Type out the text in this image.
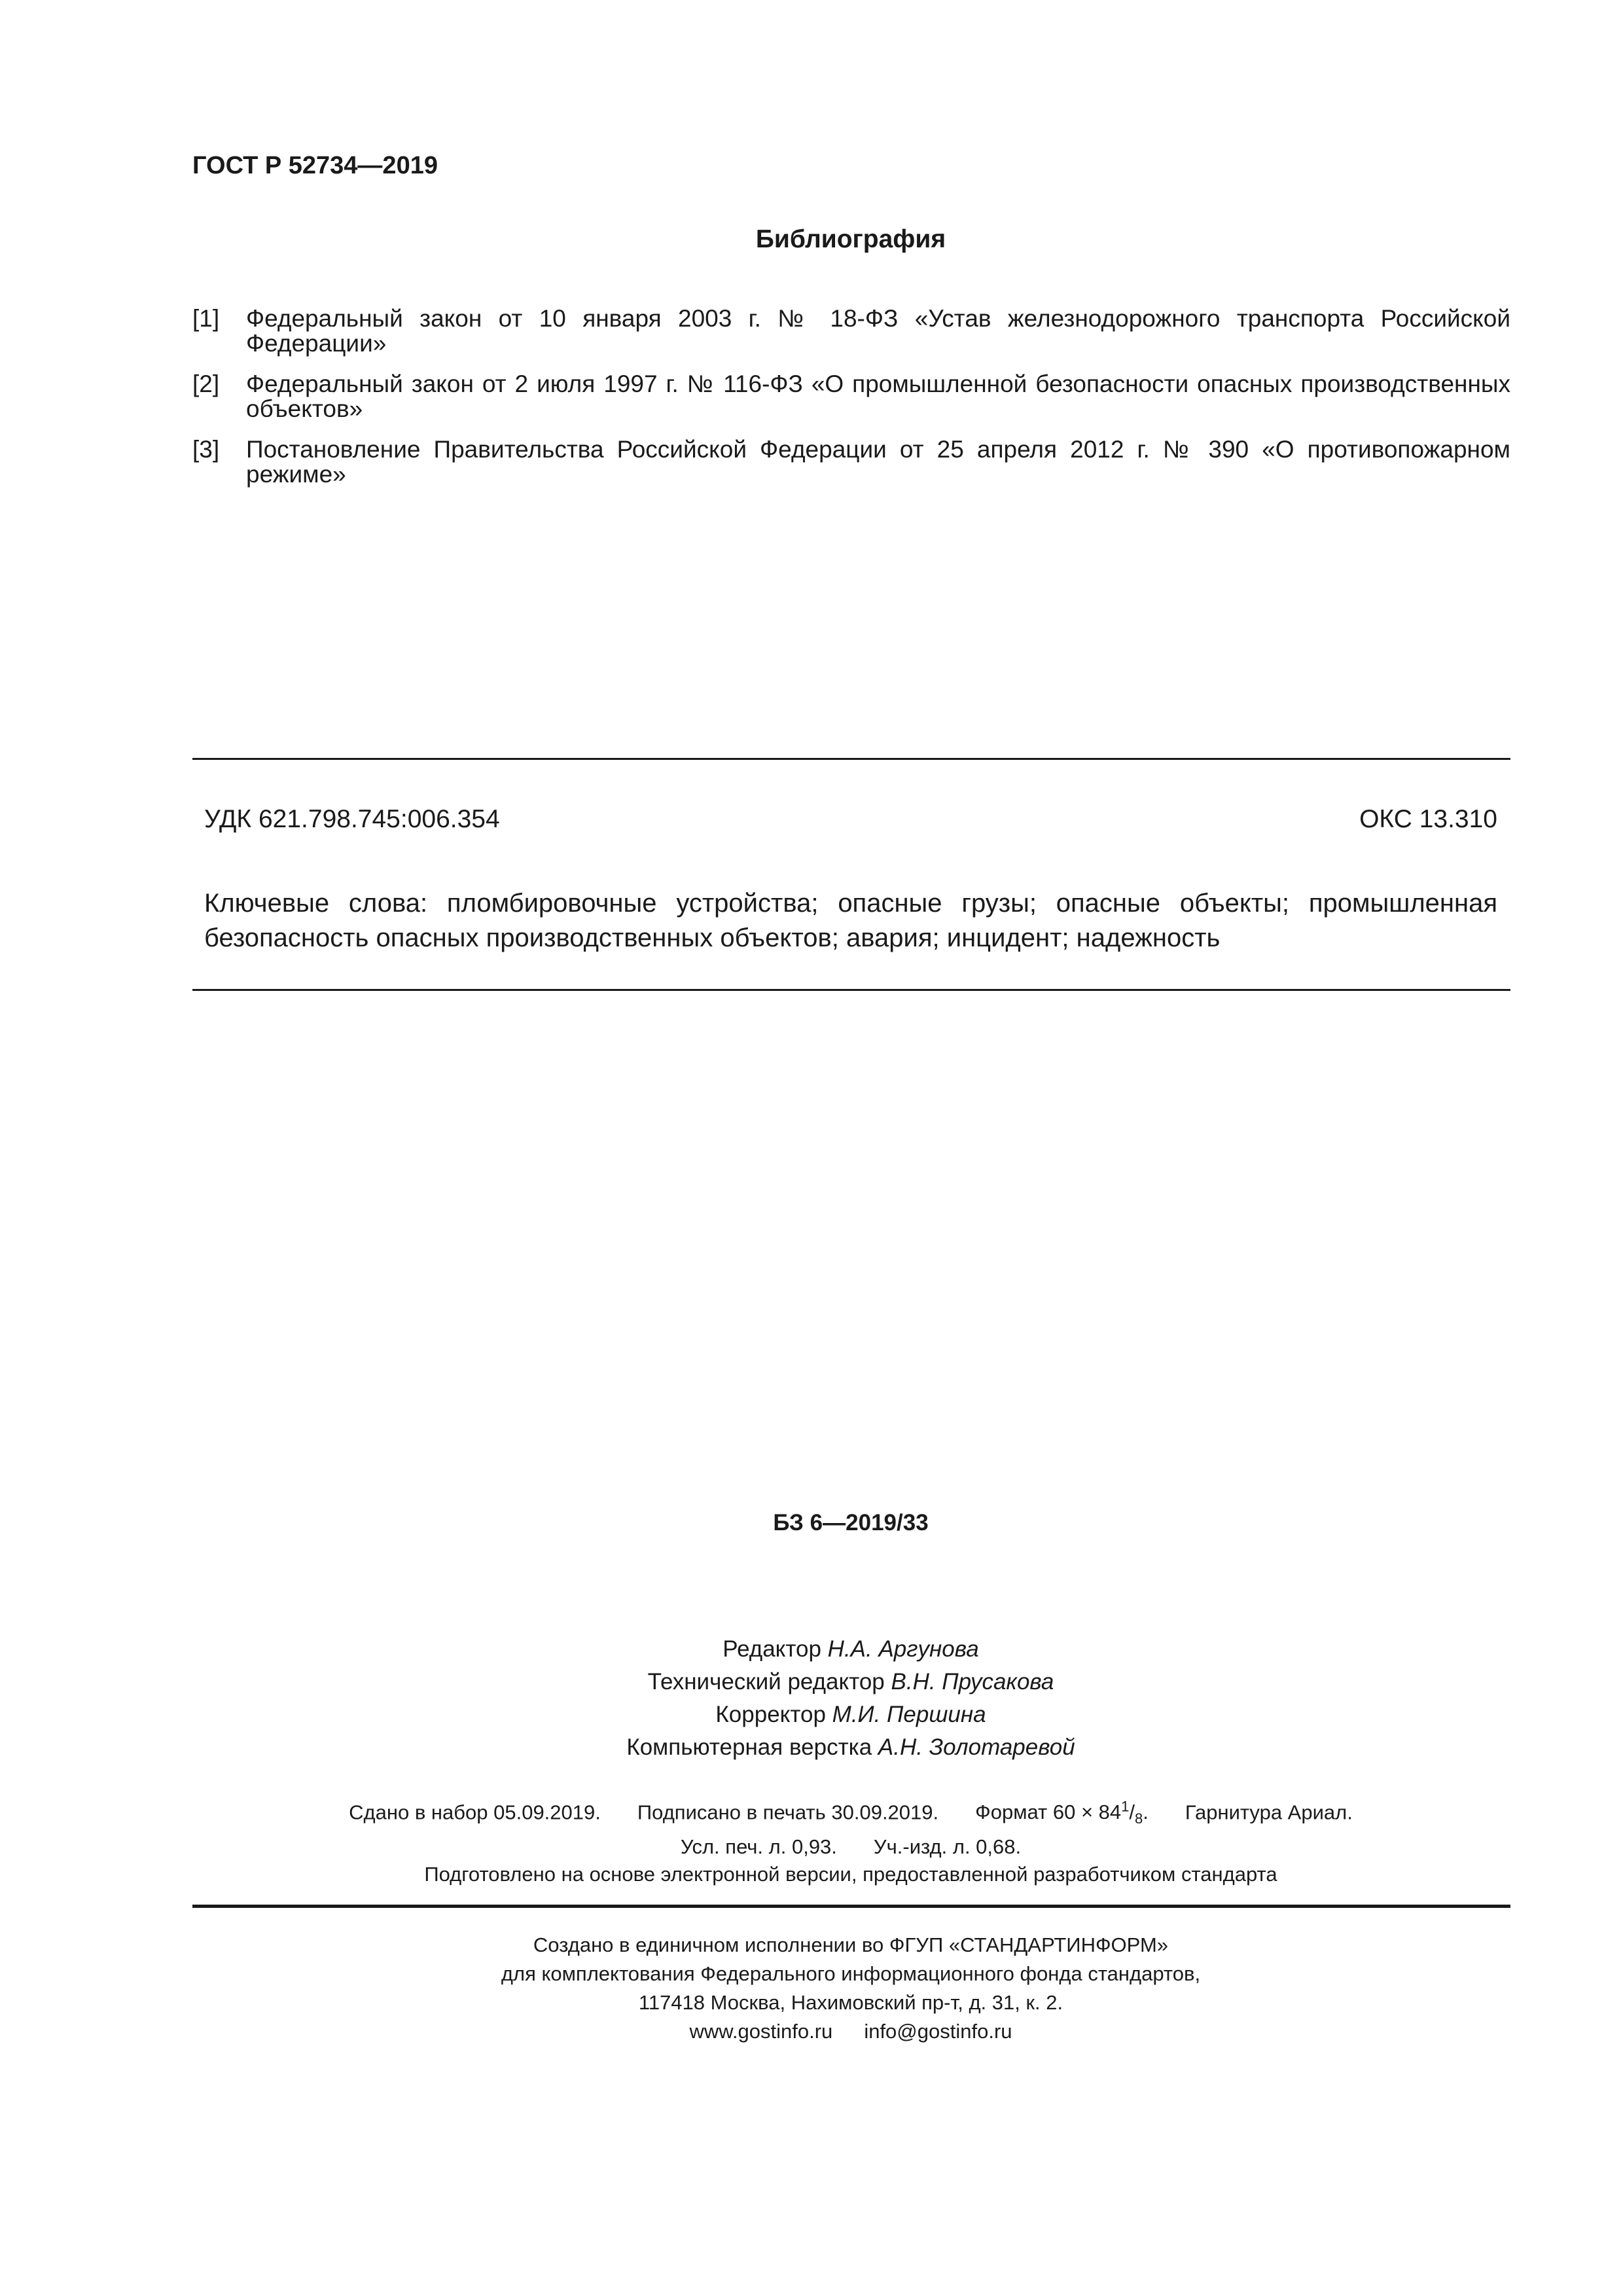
ГОСТ Р 52734—2019
Библиография
[1]	Федеральный закон от 10 января 2003 г. № 18-ФЗ «Устав железнодорожного транспорта Российской Федерации»
[2]	Федеральный закон от 2 июля 1997 г. № 116-ФЗ «О промышленной безопасности опасных производственных объектов»
[3]	Постановление Правительства Российской Федерации от 25 апреля 2012 г. № 390 «О противопожарном режиме»
УДК 621.798.745:006.354	ОКС 13.310
Ключевые слова: пломбировочные устройства; опасные грузы; опасные объекты; промышленная безопасность опасных производственных объектов; авария; инцидент; надежность
БЗ 6—2019/33
Редактор Н.А. Аргунова
Технический редактор В.Н. Прусакова
Корректор М.И. Першина
Компьютерная верстка А.Н. Золотаревой
Сдано в набор 05.09.2019. Подписано в печать 30.09.2019. Формат $60 \times 84^1/_8$. Гарнитура Ариал.
Усл. печ. л. 0,93. Уч.-изд. л. 0,68.
Подготовлено на основе электронной версии, предоставленной разработчиком стандарта
Создано в единичном исполнении во ФГУП «СТАНДАРТИНФОРМ»
для комплектования Федерального информационного фонда стандартов,
117418 Москва, Нахимовский пр-т, д. 31, к. 2.
www.gostinfo.ru info@gostinfo.ru
